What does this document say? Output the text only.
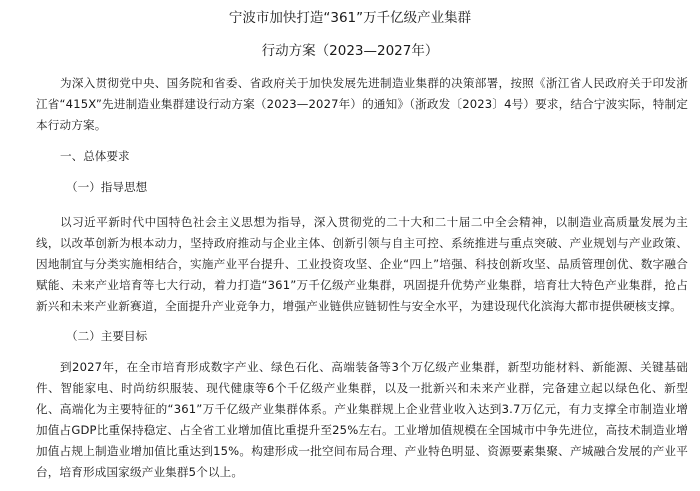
宁波市加快打造“361”万千亿级产业集群
行动方案（2023—2027年）

为深入贯彻党中央、国务院和省委、省政府关于加快发展先进制造业集群的决策部署，按照《浙江省人民政府关于印发浙江省“415X”先进制造业集群建设行动方案（2023—2027年）的通知》（浙政发〔2023〕4号）要求，结合宁波实际，特制定本行动方案。

一、总体要求

（一）指导思想

以习近平新时代中国特色社会主义思想为指导，深入贯彻党的二十大和二十届二中全会精神，以制造业高质量发展为主线，以改革创新为根本动力，坚持政府推动与企业主体、创新引领与自主可控、系统推进与重点突破、产业规划与产业政策、因地制宜与分类实施相结合，实施产业平台提升、工业投资攻坚、企业“四上”培强、科技创新攻坚、品质管理创优、数字融合赋能、未来产业培育等七大行动，着力打造“361”万千亿级产业集群，巩固提升优势产业集群，培育壮大特色产业集群，抢占新兴和未来产业新赛道，全面提升产业竞争力，增强产业链供应链韧性与安全水平，为建设现代化滨海大都市提供硬核支撑。

（二）主要目标

到2027年，在全市培育形成数字产业、绿色石化、高端装备等3个万亿级产业集群，新型功能材料、新能源、关键基础件、智能家电、时尚纺织服装、现代健康等6个千亿级产业集群，以及一批新兴和未来产业群，完备建立起以绿色化、新型化、高端化为主要特征的“361”万千亿级产业集群体系。产业集群规上企业营业收入达到3.7万亿元，有力支撑全市制造业增加值占GDP比重保持稳定、占全省工业增加值比重提升至25%左右。工业增加值规模在全国城市中争先进位，高技术制造业增加值占规上制造业增加值比重达到15%。构建形成一批空间布局合理、产业特色明显、资源要素集聚、产城融合发展的产业平台，培育形成国家级产业集群5个以上。
